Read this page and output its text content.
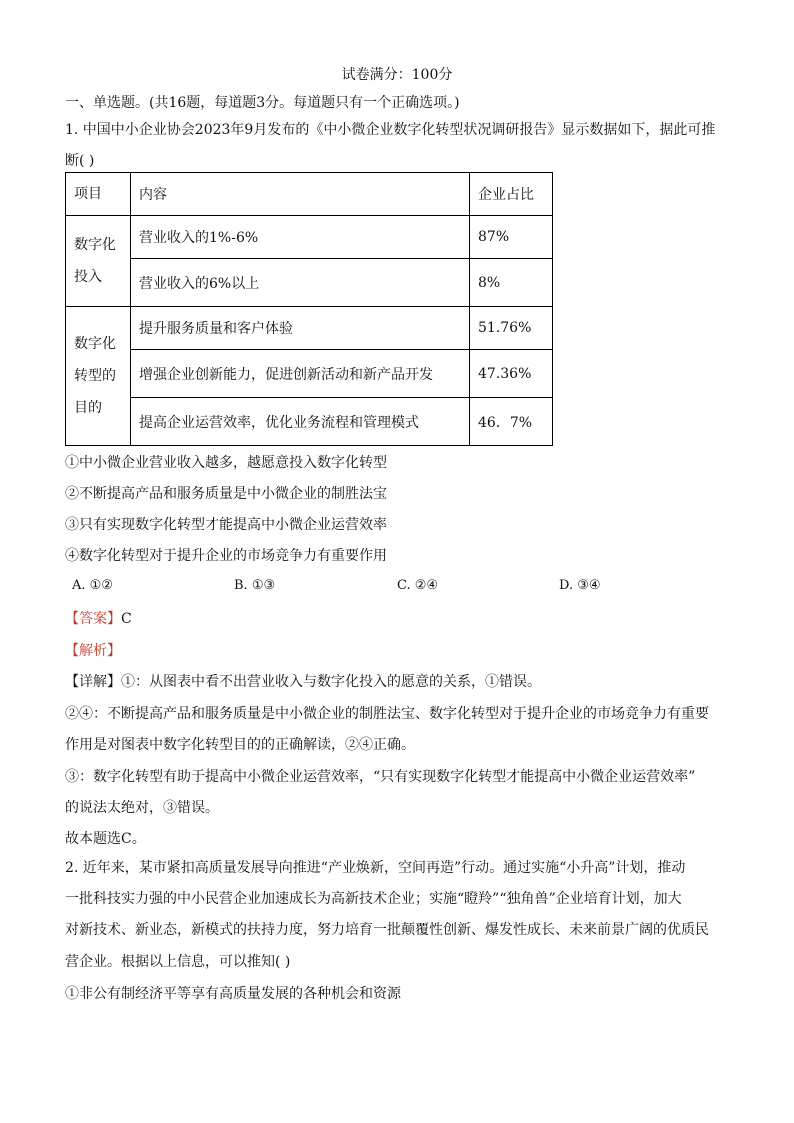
试卷满分：100分
一、单选题。(共16题，每道题3分。每道题只有一个正确选项。)
1. 中国中小企业协会2023年9月发布的《中小微企业数字化转型状况调研报告》显示数据如下，据此可推
断( )
项目	内容	企业占比

数字化
投入	营业收入的1%-6%	87%
	营业收入的6%以上	8%

数字化
转型的
目的	提升服务质量和客户体验	51.76%
	增强企业创新能力，促进创新活动和新产品开发	47.36%
	提高企业运营效率，优化业务流程和管理模式	46．7%
①中小微企业营业收入越多，越愿意投入数字化转型
②不断提高产品和服务质量是中小微企业的制胜法宝
③只有实现数字化转型才能提高中小微企业运营效率
④数字化转型对于提升企业的市场竞争力有重要作用
A. ①②	B. ①③	C. ②④	D. ③④
【答案】C
【解析】
【详解】①：从图表中看不出营业收入与数字化投入的愿意的关系，①错误。
②④：不断提高产品和服务质量是中小微企业的制胜法宝、数字化转型对于提升企业的市场竞争力有重要
作用是对图表中数字化转型目的的正确解读，②④正确。
③：数字化转型有助于提高中小微企业运营效率，“只有实现数字化转型才能提高中小微企业运营效率”
的说法太绝对，③错误。
故本题选C。
2. 近年来，某市紧扣高质量发展导向推进“产业焕新，空间再造”行动。通过实施“小升高”计划，推动
一批科技实力强的中小民营企业加速成长为高新技术企业；实施“瞪羚”“独角兽”企业培育计划，加大
对新技术、新业态，新模式的扶持力度，努力培育一批颠覆性创新、爆发性成长、未来前景广阔的优质民
营企业。根据以上信息，可以推知( )
①非公有制经济平等享有高质量发展的各种机会和资源
